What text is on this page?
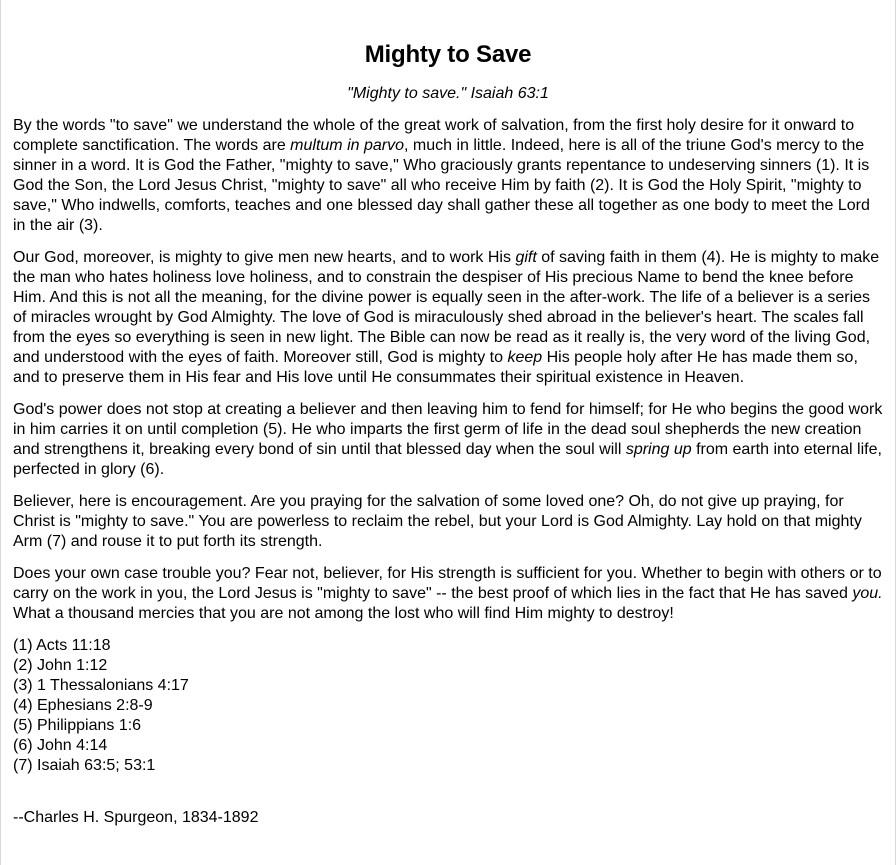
Mighty to Save
"Mighty to save." Isaiah 63:1

By the words "to save" we understand the whole of the great work of salvation, from the first holy desire for it onward to complete sanctification. The words are multum in parvo, much in little. Indeed, here is all of the triune God's mercy to the sinner in a word. It is God the Father, "mighty to save," Who graciously grants repentance to undeserving sinners (1). It is God the Son, the Lord Jesus Christ, "mighty to save" all who receive Him by faith (2). It is God the Holy Spirit, "mighty to save," Who indwells, comforts, teaches and one blessed day shall gather these all together as one body to meet the Lord in the air (3).

Our God, moreover, is mighty to give men new hearts, and to work His gift of saving faith in them (4). He is mighty to make the man who hates holiness love holiness, and to constrain the despiser of His precious Name to bend the knee before Him. And this is not all the meaning, for the divine power is equally seen in the after-work. The life of a believer is a series of miracles wrought by God Almighty. The love of God is miraculously shed abroad in the believer's heart. The scales fall from the eyes so everything is seen in new light. The Bible can now be read as it really is, the very word of the living God, and understood with the eyes of faith. Moreover still, God is mighty to keep His people holy after He has made them so, and to preserve them in His fear and His love until He consummates their spiritual existence in Heaven.

God's power does not stop at creating a believer and then leaving him to fend for himself; for He who begins the good work in him carries it on until completion (5). He who imparts the first germ of life in the dead soul shepherds the new creation and strengthens it, breaking every bond of sin until that blessed day when the soul will spring up from earth into eternal life, perfected in glory (6).

Believer, here is encouragement. Are you praying for the salvation of some loved one? Oh, do not give up praying, for Christ is "mighty to save." You are powerless to reclaim the rebel, but your Lord is God Almighty. Lay hold on that mighty Arm (7) and rouse it to put forth its strength.

Does your own case trouble you? Fear not, believer, for His strength is sufficient for you. Whether to begin with others or to carry on the work in you, the Lord Jesus is "mighty to save" -- the best proof of which lies in the fact that He has saved you. What a thousand mercies that you are not among the lost who will find Him mighty to destroy!

(1) Acts 11:18
(2) John 1:12
(3) 1 Thessalonians 4:17
(4) Ephesians 2:8-9
(5) Philippians 1:6
(6) John 4:14
(7) Isaiah 63:5; 53:1
--Charles H. Spurgeon, 1834-1892
